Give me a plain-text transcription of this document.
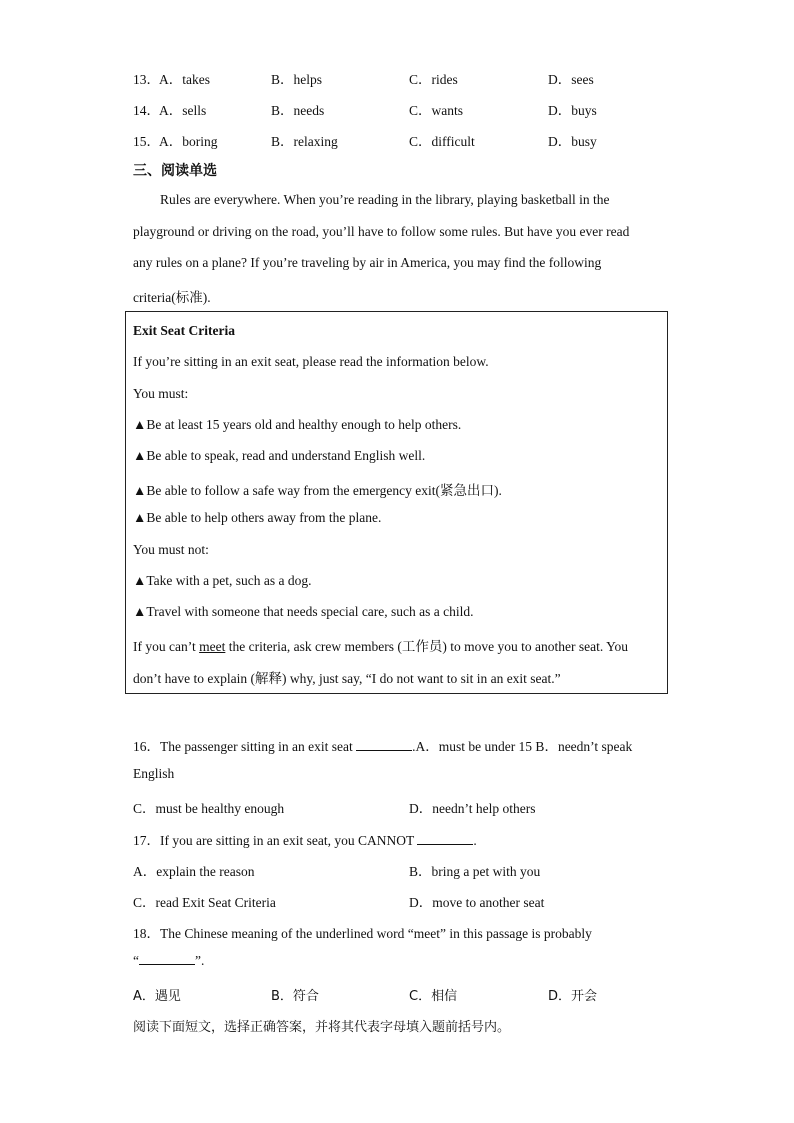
13． A．takes	B．helps	C．rides	D．sees
14． A．sells	B．needs	C．wants	D．buys
15． A．boring	B．relaxing	C．difficult	D．busy
三、阅读单选
Rules are everywhere. When you’re reading in the library, playing basketball in the
playground or driving on the road, you’ll have to follow some rules. But have you ever read
any rules on a plane? If you’re traveling by air in America, you may find the following
criteria(标准).
Exit Seat Criteria
If you’re sitting in an exit seat, please read the information below.
You must:
▲Be at least 15 years old and healthy enough to help others.
▲Be able to speak, read and understand English well.
▲Be able to follow a safe way from the emergency exit(紧急出口).
▲Be able to help others away from the plane.
You must not:
▲Take with a pet, such as a dog.
▲Travel with someone that needs special care, such as a child.
If you can’t meet the criteria, ask crew members (工作员) to move you to another seat. You
don’t have to explain (解释) why, just say, “I do not want to sit in an exit seat.”
16．The passenger sitting in an exit seat	.A．must be under 15 B．needn’t speak
English
C．must be healthy enough	D．needn’t help others
17．If you are sitting in an exit seat, you CANNOT	.
A．explain the reason	B．bring a pet with you
C．read Exit Seat Criteria	D．move to another seat
18．The Chinese meaning of the underlined word “meet” in this passage is probably
“	”.
A．遇见	B．符合	C．相信	D．开会
阅读下面短文，选择正确答案，并将其代表字母填入题前括号内。
